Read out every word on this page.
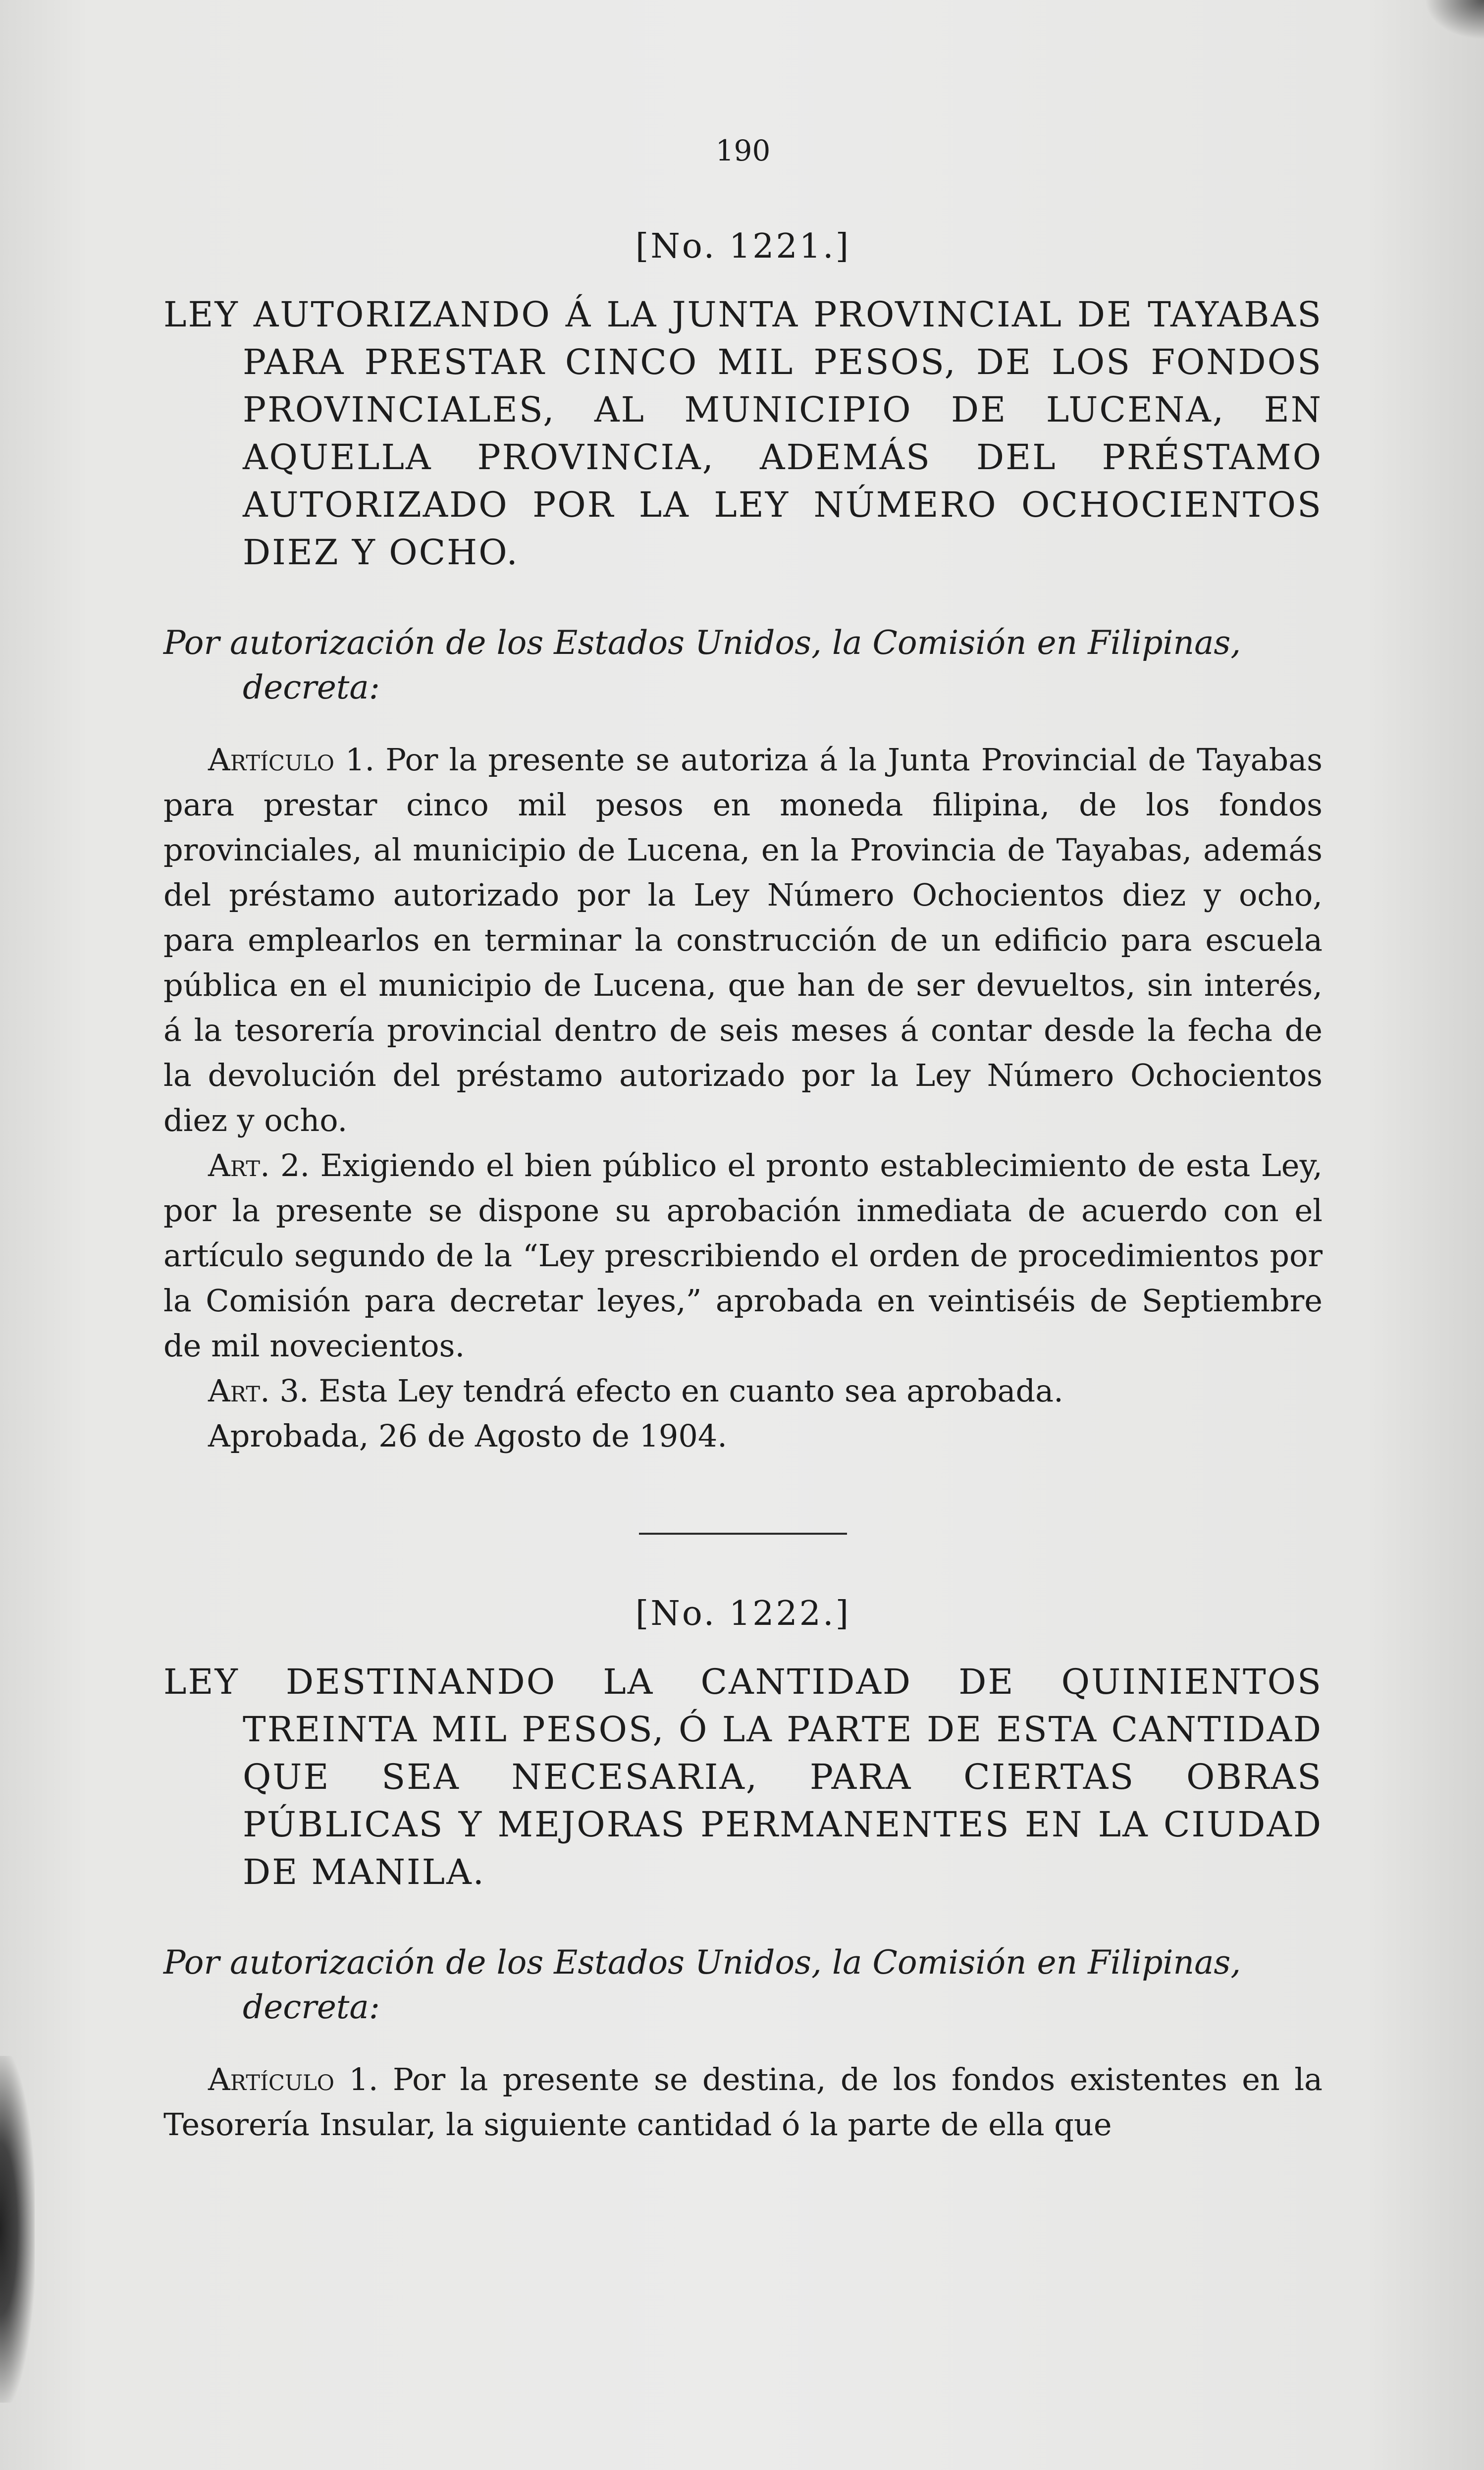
190
[No. 1221.]

LEY AUTORIZANDO Á LA JUNTA PROVINCIAL DE TAYABAS PARA PRESTAR CINCO MIL PESOS, DE LOS FONDOS PROVINCIALES, AL MUNICIPIO DE LUCENA, EN AQUELLA PROVINCIA, ADEMÁS DEL PRÉSTAMO AUTORIZADO POR LA LEY NÚMERO OCHOCIENTOS DIEZ Y OCHO.

Por autorización de los Estados Unidos, la Comisión en Filipinas, decreta:

Artículo 1. Por la presente se autoriza á la Junta Provincial de Tayabas para prestar cinco mil pesos en moneda filipina, de los fondos provinciales, al municipio de Lucena, en la Provincia de Tayabas, además del préstamo autorizado por la Ley Número Ochocientos diez y ocho, para emplearlos en terminar la construcción de un edificio para escuela pública en el municipio de Lucena, que han de ser devueltos, sin interés, á la tesorería provincial dentro de seis meses á contar desde la fecha de la devolución del préstamo autorizado por la Ley Número Ochocientos diez y ocho.

Art. 2. Exigiendo el bien público el pronto establecimiento de esta Ley, por la presente se dispone su aprobación inmediata de acuerdo con el artículo segundo de la “Ley prescribiendo el orden de procedimientos por la Comisión para decretar leyes,” aprobada en veintiséis de Septiembre de mil novecientos.

Art. 3. Esta Ley tendrá efecto en cuanto sea aprobada.

Aprobada, 26 de Agosto de 1904.

[No. 1222.]

LEY DESTINANDO LA CANTIDAD DE QUINIENTOS TREINTA MIL PESOS, Ó LA PARTE DE ESTA CANTIDAD QUE SEA NECESARIA, PARA CIERTAS OBRAS PÚBLICAS Y MEJORAS PERMANENTES EN LA CIUDAD DE MANILA.

Por autorización de los Estados Unidos, la Comisión en Filipinas, decreta:

Artículo 1. Por la presente se destina, de los fondos existentes en la Tesorería Insular, la siguiente cantidad ó la parte de ella que
